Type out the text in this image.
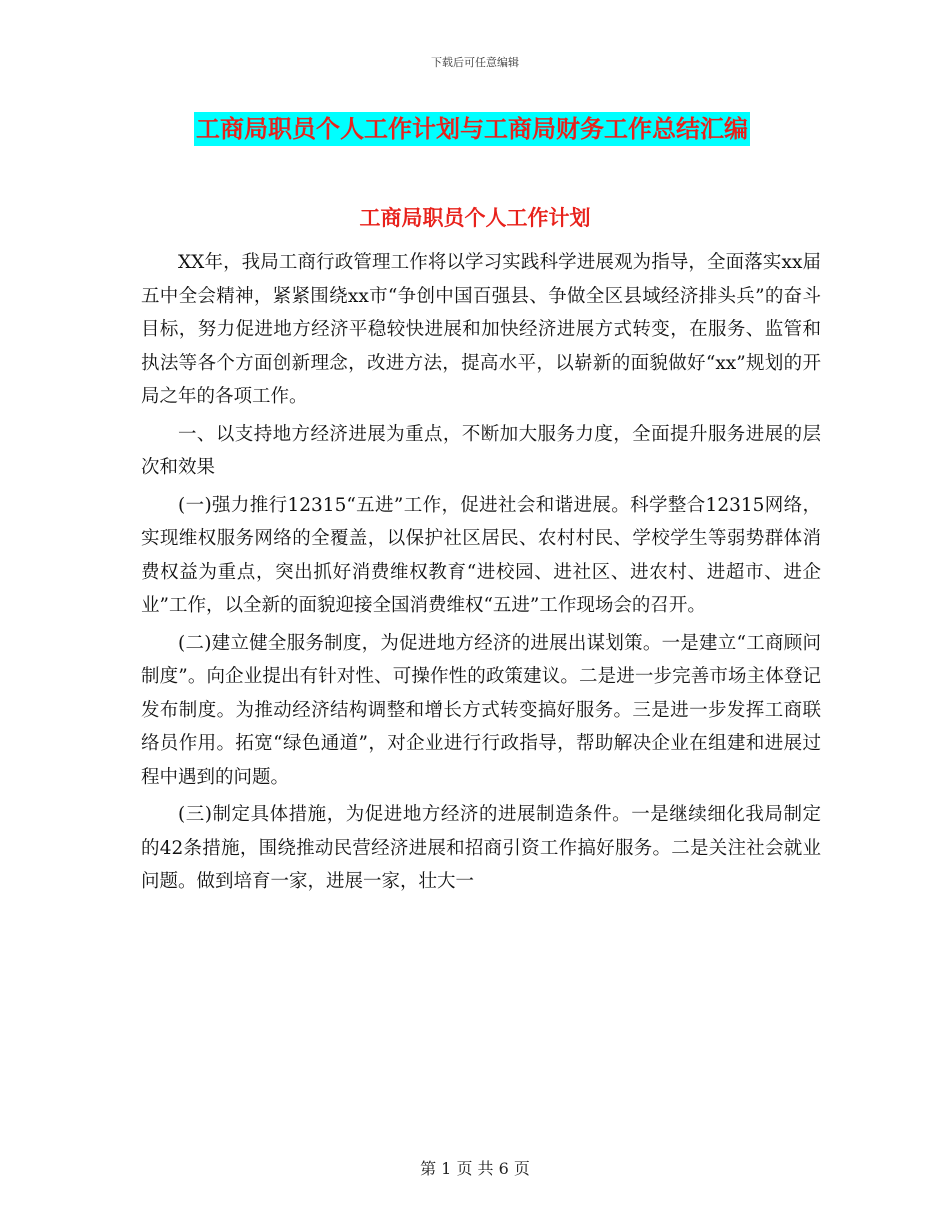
下载后可任意编辑
工商局职员个人工作计划与工商局财务工作总结汇编
工商局职员个人工作计划

XX年，我局工商行政管理工作将以学习实践科学进展观为指导，全面落实xx届五中全会精神，紧紧围绕xx市“争创中国百强县、争做全区县域经济排头兵”的奋斗目标，努力促进地方经济平稳较快进展和加快经济进展方式转变，在服务、监管和执法等各个方面创新理念，改进方法，提高水平，以崭新的面貌做好“xx”规划的开局之年的各项工作。

一、以支持地方经济进展为重点，不断加大服务力度，全面提升服务进展的层次和效果

(一)强力推行12315“五进”工作，促进社会和谐进展。科学整合12315网络，实现维权服务网络的全覆盖，以保护社区居民、农村村民、学校学生等弱势群体消费权益为重点，突出抓好消费维权教育“进校园、进社区、进农村、进超市、进企业”工作，以全新的面貌迎接全国消费维权“五进”工作现场会的召开。

(二)建立健全服务制度，为促进地方经济的进展出谋划策。一是建立“工商顾问制度”。向企业提出有针对性、可操作性的政策建议。二是进一步完善市场主体登记发布制度。为推动经济结构调整和增长方式转变搞好服务。三是进一步发挥工商联络员作用。拓宽“绿色通道”，对企业进行行政指导，帮助解决企业在组建和进展过程中遇到的问题。

(三)制定具体措施，为促进地方经济的进展制造条件。一是继续细化我局制定的42条措施，围绕推动民营经济进展和招商引资工作搞好服务。二是关注社会就业问题。做到培育一家，进展一家，壮大一

第 1 页 共 6 页
